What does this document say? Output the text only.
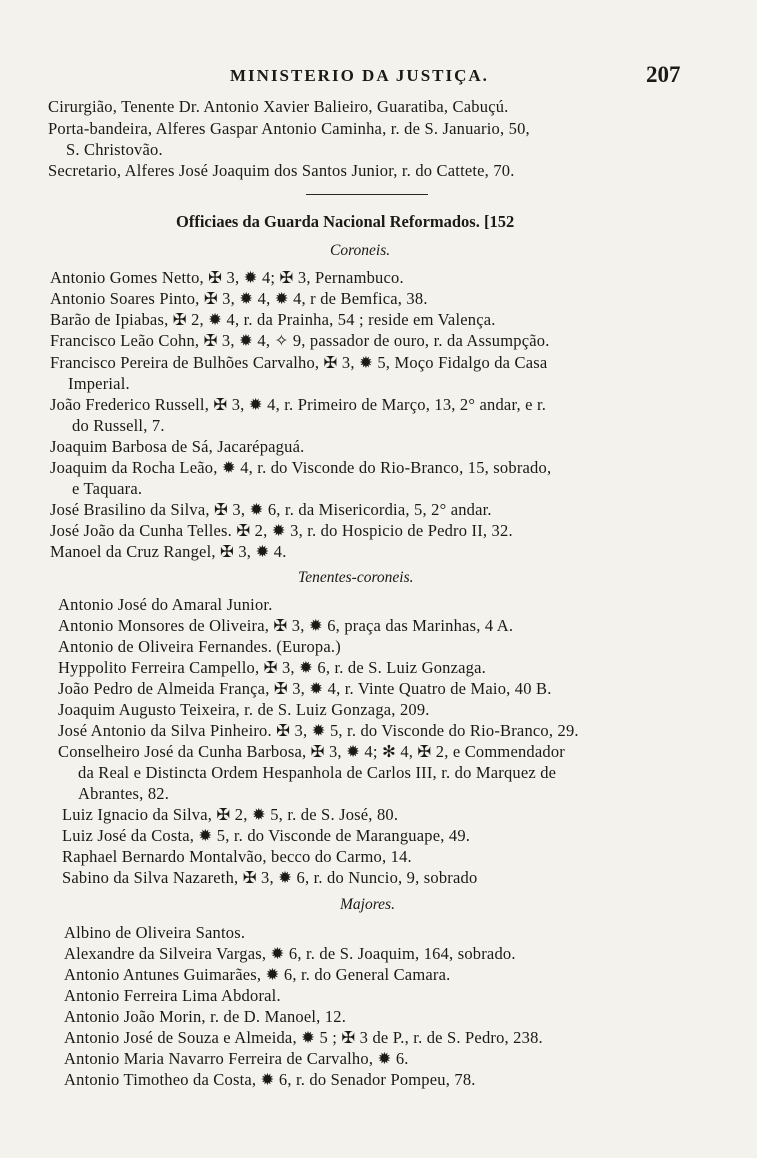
MINISTERIO DA JUSTIÇA.	207
Cirurgião, Tenente Dr. Antonio Xavier Balieiro, Guaratiba, Cabuçú.
Porta-bandeira, Alferes Gaspar Antonio Caminha, r. de S. Januario, 50,
S. Christovão.
Secretario, Alferes José Joaquim dos Santos Junior, r. do Cattete, 70.
Officiaes da Guarda Nacional Reformados. [152
Coroneis.
Antonio Gomes Netto, ✠ 3, ✹ 4; ✠ 3, Pernambuco.
Antonio Soares Pinto, ✠ 3, ✹ 4, ✹ 4, r de Bemfica, 38.
Barão de Ipiabas, ✠ 2, ✹ 4, r. da Prainha, 54 ; reside em Valença.
Francisco Leão Cohn, ✠ 3, ✹ 4, ✧ 9, passador de ouro, r. da Assumpção.
Francisco Pereira de Bulhões Carvalho, ✠ 3, ✹ 5, Moço Fidalgo da Casa
Imperial.
João Frederico Russell, ✠ 3, ✹ 4, r. Primeiro de Março, 13, 2° andar, e r.
do Russell, 7.
Joaquim Barbosa de Sá, Jacarépaguá.
Joaquim da Rocha Leão, ✹ 4, r. do Visconde do Rio-Branco, 15, sobrado,
e Taquara.
José Brasilino da Silva, ✠ 3, ✹ 6, r. da Misericordia, 5, 2° andar.
José João da Cunha Telles. ✠ 2, ✹ 3, r. do Hospicio de Pedro II, 32.
Manoel da Cruz Rangel, ✠ 3, ✹ 4.
Tenentes-coroneis.
Antonio José do Amaral Junior.
Antonio Monsores de Oliveira, ✠ 3, ✹ 6, praça das Marinhas, 4 A.
Antonio de Oliveira Fernandes. (Europa.)
Hyppolito Ferreira Campello, ✠ 3, ✹ 6, r. de S. Luiz Gonzaga.
João Pedro de Almeida França, ✠ 3, ✹ 4, r. Vinte Quatro de Maio, 40 B.
Joaquim Augusto Teixeira, r. de S. Luiz Gonzaga, 209.
José Antonio da Silva Pinheiro. ✠ 3, ✹ 5, r. do Visconde do Rio-Branco, 29.
Conselheiro José da Cunha Barbosa, ✠ 3, ✹ 4; ✻ 4, ✠ 2, e Commendador
da Real e Distincta Ordem Hespanhola de Carlos III, r. do Marquez de
Abrantes, 82.
Luiz Ignacio da Silva, ✠ 2, ✹ 5, r. de S. José, 80.
Luiz José da Costa, ✹ 5, r. do Visconde de Maranguape, 49.
Raphael Bernardo Montalvão, becco do Carmo, 14.
Sabino da Silva Nazareth, ✠ 3, ✹ 6, r. do Nuncio, 9, sobrado
Majores.
Albino de Oliveira Santos.
Alexandre da Silveira Vargas, ✹ 6, r. de S. Joaquim, 164, sobrado.
Antonio Antunes Guimarães, ✹ 6, r. do General Camara.
Antonio Ferreira Lima Abdoral.
Antonio João Morin, r. de D. Manoel, 12.
Antonio José de Souza e Almeida, ✹ 5 ; ✠ 3 de P., r. de S. Pedro, 238.
Antonio Maria Navarro Ferreira de Carvalho, ✹ 6.
Antonio Timotheo da Costa, ✹ 6, r. do Senador Pompeu, 78.
